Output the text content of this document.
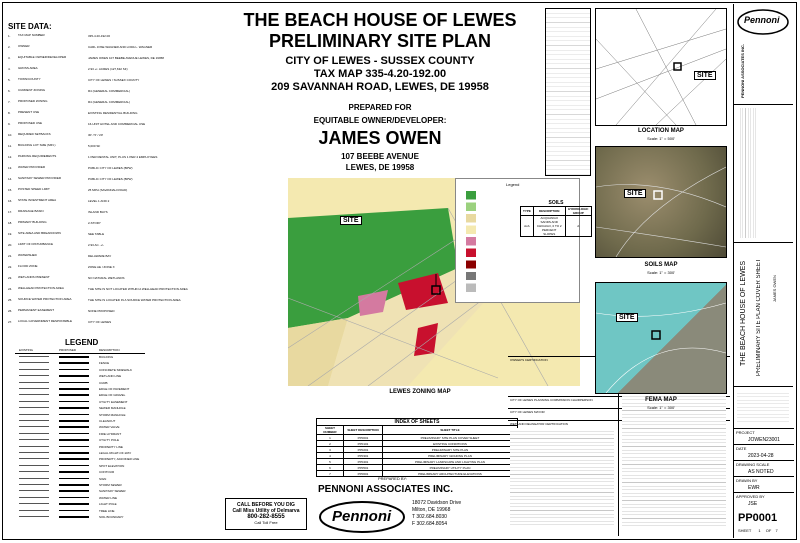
SITE DATA:
1. TAX MAP NUMBER	335-4.20-192.00
2. OWNER	CARL JOSE WAGNER AND LORA L. WAGNER
3. EQUITABLE OWNER/DEVELOPER	JAMES OWEN 107 BEEBE AVENUE LEWES, DE 19958
4. GROSS AREA	2.93 +/- ACRES (127,632 SF)
5. TOWN/COUNTY	CITY OF LEWES / SUSSEX COUNTY
6. CURRENT ZONING	R4 (GENERAL COMMERCIAL)
7. PROPOSED ZONING	R4 (GENERAL COMMERCIAL)
8. PRESENT USE	EXISTING RESIDENTIAL BUILDING
9. PROPOSED USE	16-UNIT HOTEL AND COMMERCIAL USE
10. REQUIRED SETBACKS	30' / 5' / 20'
11. BUILDING LOT SIZE (MIN.)	5,000 SF
12. PARKING REQUIREMENTS	1 PER RENTAL UNIT, PLUS 1 PER 4 EMPLOYEES
13. WATER PROVIDER	PUBLIC CITY OF LEWES (BPW)
14. SANITARY SEWER PROVIDER	PUBLIC CITY OF LEWES (BPW)
15. POSTED SPEED LIMIT	25 MPH (SAVANNAH ROAD)
16. STATE INVESTMENT AREA	LEVEL 1 AND 2
17. DRAINAGE BASIN	INLAND BAYS
18. PRIMARY BUILDING	2-STORY
19. SITE AREA AND BREAKDOWN	SEE TABLE
20. LIMIT OF DISTURBANCE	2.93 AC. +/-
21. WATERSHED	DELAWARE BAY
22. FLOOD ZONE	ZONE AE / ZONE X
23. WETLANDS PRESENT	NO NATURAL WETLANDS
24. WELLHEAD PROTECTION AREA	THE SITE IS NOT LOCATED WITHIN A WELLHEAD PROTECTION AREA
25. SOURCE WATER PROTECTION AREA	THE SITE IS LOCATED IN A SOURCE WATER PROTECTION AREA
26. PERMANENT EASEMENT	NONE PROPOSED
27. LOCAL GOVERNMENT RESPONSIBLE	CITY OF LEWES
LEGEND
EXISTING	PROPOSED	DESCRIPTION
BUILDING
FENCE
CONCRETE SIDEWALK
WETLAND LINE
CURB
EDGE OF PAVEMENT
EDGE OF GRAVEL
UTILITY EASEMENT
SEWER MANHOLE
STORM MANHOLE
CLEANOUT
WATER VALVE
FIRE HYDRANT
UTILITY POLE
PROPERTY LINE
LEGAL RIGHT-OF-WAY
PROPERTY, ADJOINER LINE
SPOT ELEVATION
CONTOUR
SIGN
STORM SEWER
SANITARY SEWER
WATER LINE
LIGHT POLE
TREE LINE
SOIL BOUNDARY
THE BEACH HOUSE OF LEWES
PRELIMINARY SITE PLAN
CITY OF LEWES - SUSSEX COUNTY
TAX MAP 335-4.20-192.00
209 SAVANNAH ROAD, LEWES, DE 19958
PREPARED FOR
EQUITABLE OWNER/DEVELOPER:
JAMES OWEN
107 BEEBE AVENUE
LEWES, DE 19958
SITE
Legend
LEWES ZONING MAP
INDEX OF SHEETS		
SHEET NUMBER	SHEET DESCRIPTION	SHEET TITLE
1	PP0001	PRELIMINARY SITE PLAN COVER SHEET
2	PP0101	EXISTING CONDITIONS
3	PP0201	PRELIMINARY SITE PLAN
4	PP0301	PRELIMINARY GRADING PLAN
5	PP0401	PRELIMINARY LANDSCAPE AND LIGHTING PLAN
6	PP0501	PRELIMINARY UTILITY PLAN
7	PP0601	PRELIMINARY ARCHITECTURE ELEVATIONS
PREPARED BY:
PENNONI ASSOCIATES INC.
Pennoni
18072 Davidson Drive
Milton, DE 19968
T 302.684.8030
F 302.684.8054
CALL BEFORE YOU DIG
Call Miss Utility of Delmarva
800-282-8555
Call Toll Free
OWNER'S CERTIFICATION
CITY OF LEWES PLANNING COMMISSION CHAIRPERSON
CITY OF LEWES MAYOR
WETLAND DELINEATOR CERTIFICATION
SITE
LOCATION MAP
Scale: 1" = 500'
SITE
SOILS MAP
Scale: 1" = 300'
SITE
FEMA MAP
Scale: 1" = 300'
SOILS
TYPE	DESCRIPTION	HYDROLOGIC GROUP
AcA	ACQUANGO SANDS AND CHICAGO, 0 TO 2 PERCENT SLOPES	A
Pennoni
PENNONI ASSOCIATES INC.
THE BEACH HOUSE OF LEWES PRELIMINARY SITE PLAN COVER SHEET	JAMES OWEN
PROJECT
JOWEN23001
DATE
2023-04-28
DRAWING SCALE
AS NOTED
DRAWN BY
EWR
APPROVED BY
JSE
PP0001
SHEET 1 OF 7
